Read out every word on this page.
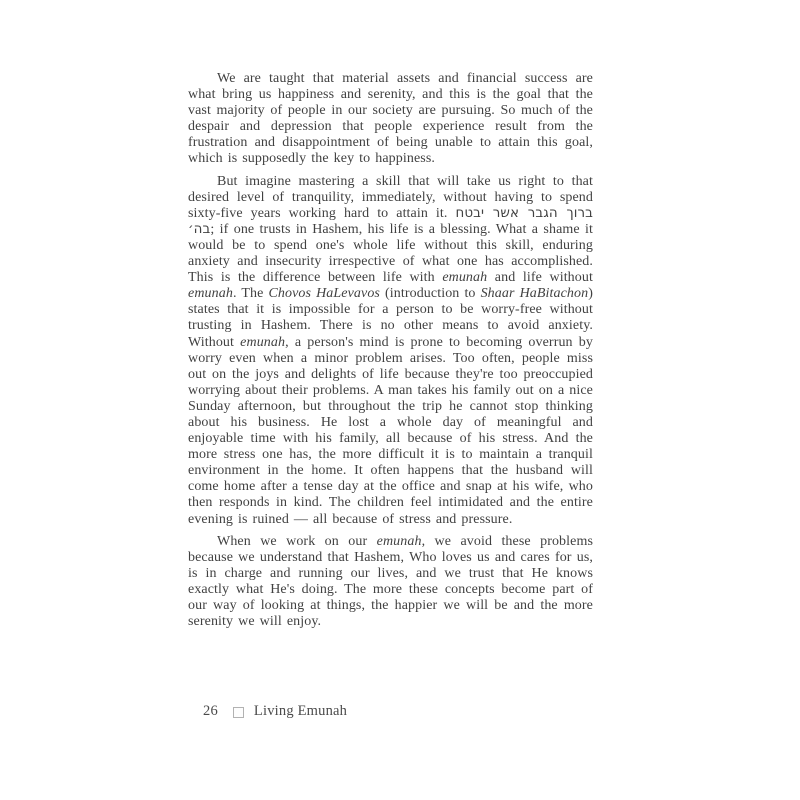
We are taught that material assets and financial success are what bring us happiness and serenity, and this is the goal that the vast majority of people in our society are pursuing. So much of the despair and depression that people experience result from the frustration and disappointment of being unable to attain this goal, which is supposedly the key to happiness.

But imagine mastering a skill that will take us right to that desired level of tranquility, immediately, without having to spend sixty-five years working hard to attain it. ברוך הגבר אשר יבטח בה׳; if one trusts in Hashem, his life is a blessing. What a shame it would be to spend one's whole life without this skill, enduring anxiety and insecurity irrespective of what one has accomplished. This is the difference between life with emunah and life without emunah. The Chovos HaLevavos (introduction to Shaar HaBitachon) states that it is impossible for a person to be worry-free without trusting in Hashem. There is no other means to avoid anxiety. Without emunah, a person's mind is prone to becoming overrun by worry even when a minor problem arises. Too often, people miss out on the joys and delights of life because they're too preoccupied worrying about their problems. A man takes his family out on a nice Sunday afternoon, but throughout the trip he cannot stop thinking about his business. He lost a whole day of meaningful and enjoyable time with his family, all because of his stress. And the more stress one has, the more difficult it is to maintain a tranquil environment in the home. It often happens that the husband will come home after a tense day at the office and snap at his wife, who then responds in kind. The children feel intimidated and the entire evening is ruined — all because of stress and pressure.

When we work on our emunah, we avoid these problems because we understand that Hashem, Who loves us and cares for us, is in charge and running our lives, and we trust that He knows exactly what He's doing. The more these concepts become part of our way of looking at things, the happier we will be and the more serenity we will enjoy.

26 Living Emunah
